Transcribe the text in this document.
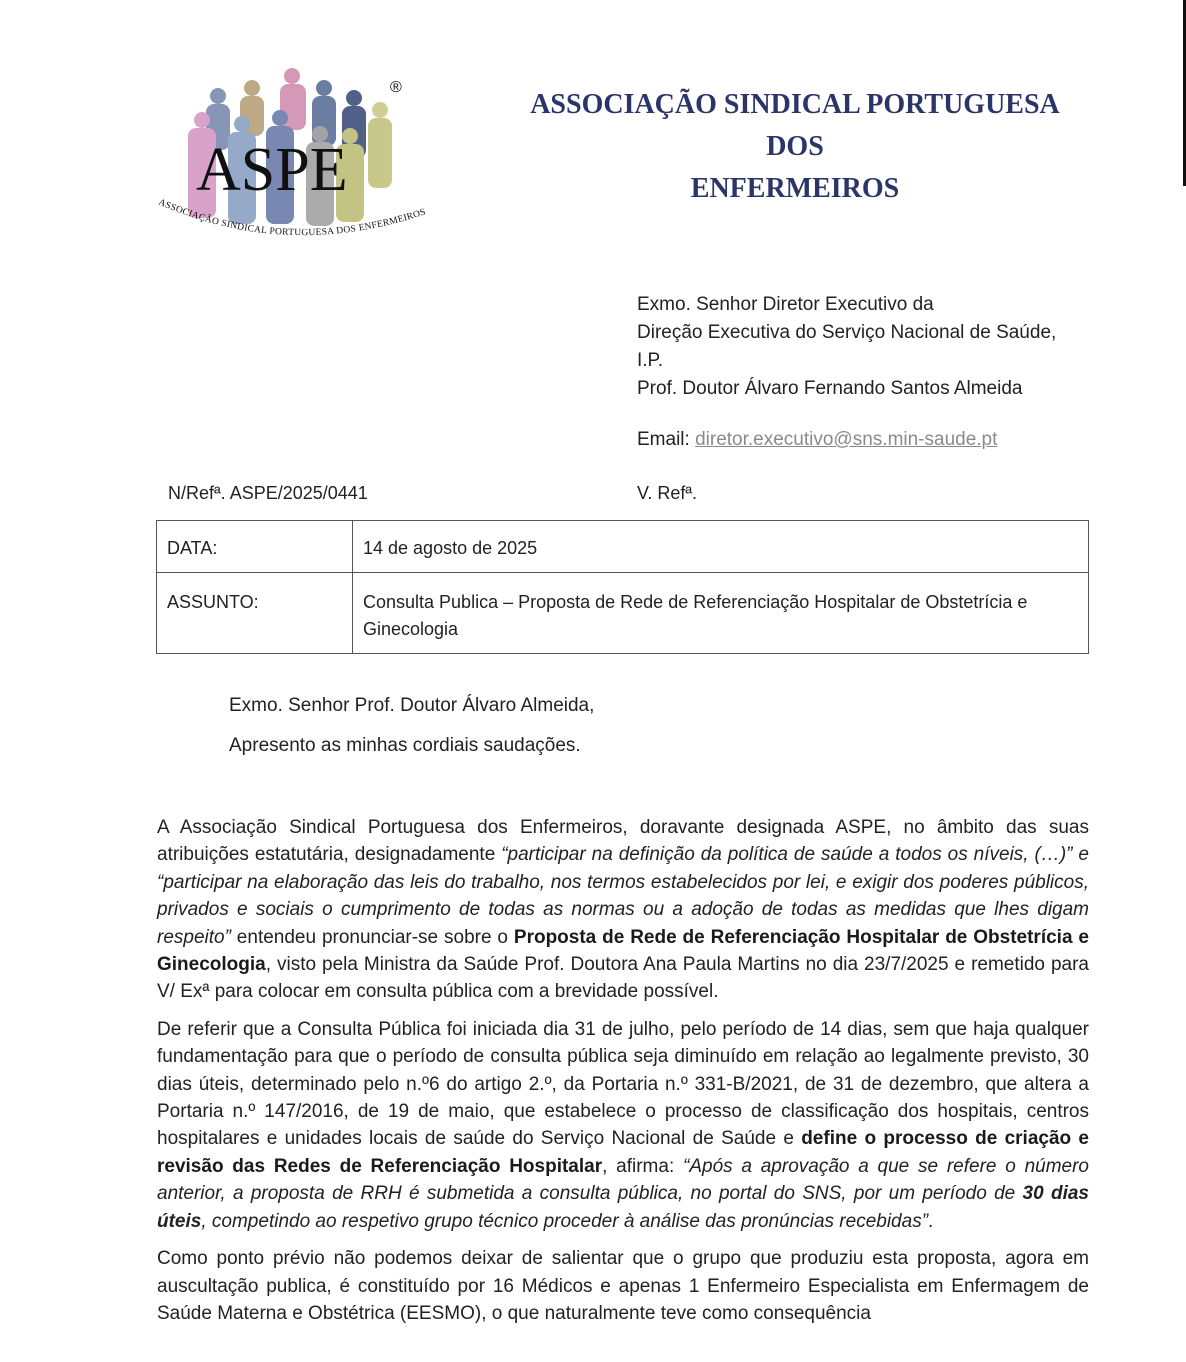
ASPE
®
ASSOCIAÇÃO SINDICAL PORTUGUESA DOS ENFERMEIROS
ASSOCIAÇÃO SINDICAL PORTUGUESA DOS
ENFERMEIROS
Exmo. Senhor Diretor Executivo da
Direção Executiva do Serviço Nacional de Saúde,
I.P.
Prof. Doutor Álvaro Fernando Santos Almeida
Email: diretor.executivo@sns.min-saude.pt
N/Refª. ASPE/2025/0441	V. Refª.
DATA:	14 de agosto de 2025
ASSUNTO:	Consulta Publica – Proposta de Rede de Referenciação Hospitalar de Obstetrícia e Ginecologia
Exmo. Senhor Prof. Doutor Álvaro Almeida,
Apresento as minhas cordiais saudações.

A Associação Sindical Portuguesa dos Enfermeiros, doravante designada ASPE, no âmbito das suas atribuições estatutária, designadamente “participar na definição da política de saúde a todos os níveis, (…)” e “participar na elaboração das leis do trabalho, nos termos estabelecidos por lei, e exigir dos poderes públicos, privados e sociais o cumprimento de todas as normas ou a adoção de todas as medidas que lhes digam respeito” entendeu pronunciar-se sobre o Proposta de Rede de Referenciação Hospitalar de Obstetrícia e Ginecologia, visto pela Ministra da Saúde Prof. Doutora Ana Paula Martins no dia 23/7/2025 e remetido para V/ Exª para colocar em consulta pública com a brevidade possível.

De referir que a Consulta Pública foi iniciada dia 31 de julho, pelo período de 14 dias, sem que haja qualquer fundamentação para que o período de consulta pública seja diminuído em relação ao legalmente previsto, 30 dias úteis, determinado pelo n.º6 do artigo 2.º, da Portaria n.º 331-B/2021, de 31 de dezembro, que altera a Portaria n.º 147/2016, de 19 de maio, que estabelece o processo de classificação dos hospitais, centros hospitalares e unidades locais de saúde do Serviço Nacional de Saúde e define o processo de criação e revisão das Redes de Referenciação Hospitalar, afirma: “Após a aprovação a que se refere o número anterior, a proposta de RRH é submetida a consulta pública, no portal do SNS, por um período de 30 dias úteis, competindo ao respetivo grupo técnico proceder à análise das pronúncias recebidas”.

Como ponto prévio não podemos deixar de salientar que o grupo que produziu esta proposta, agora em auscultação publica, é constituído por 16 Médicos e apenas 1 Enfermeiro Especialista em Enfermagem de Saúde Materna e Obstétrica (EESMO), o que naturalmente teve como consequência
